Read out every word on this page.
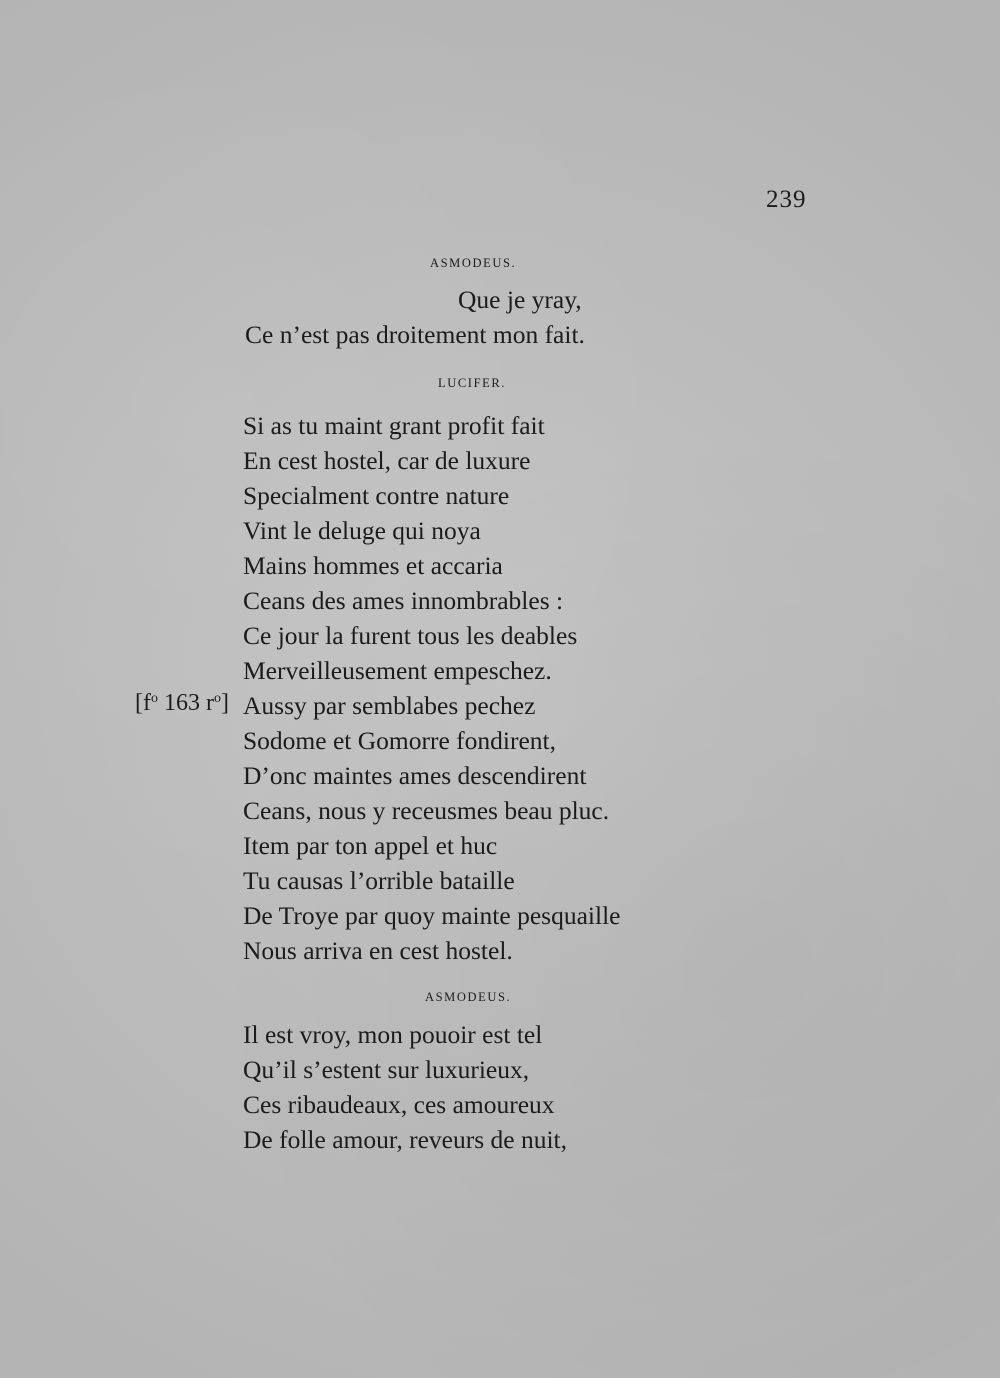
239
ASMODEUS.
Que je yray,
Ce n’est pas droitement mon fait.
LUCIFER.
Si as tu maint grant profit fait
En cest hostel, car de luxure
Specialment contre nature
Vint le deluge qui noya
Mains hommes et accaria
Ceans des ames innombrables :
Ce jour la furent tous les deables
Merveilleusement empeschez.
Aussy par semblabes pechez
Sodome et Gomorre fondirent,
D’onc maintes ames descendirent
Ceans, nous y receusmes beau pluc.
Item par ton appel et huc
Tu causas l’orrible bataille
De Troye par quoy mainte pesquaille
Nous arriva en cest hostel.
[$f^o$ 163 $r^o$]
ASMODEUS.
Il est vroy, mon pouoir est tel
Qu’il s’estent sur luxurieux,
Ces ribaudeaux, ces amoureux
De folle amour, reveurs de nuit,
